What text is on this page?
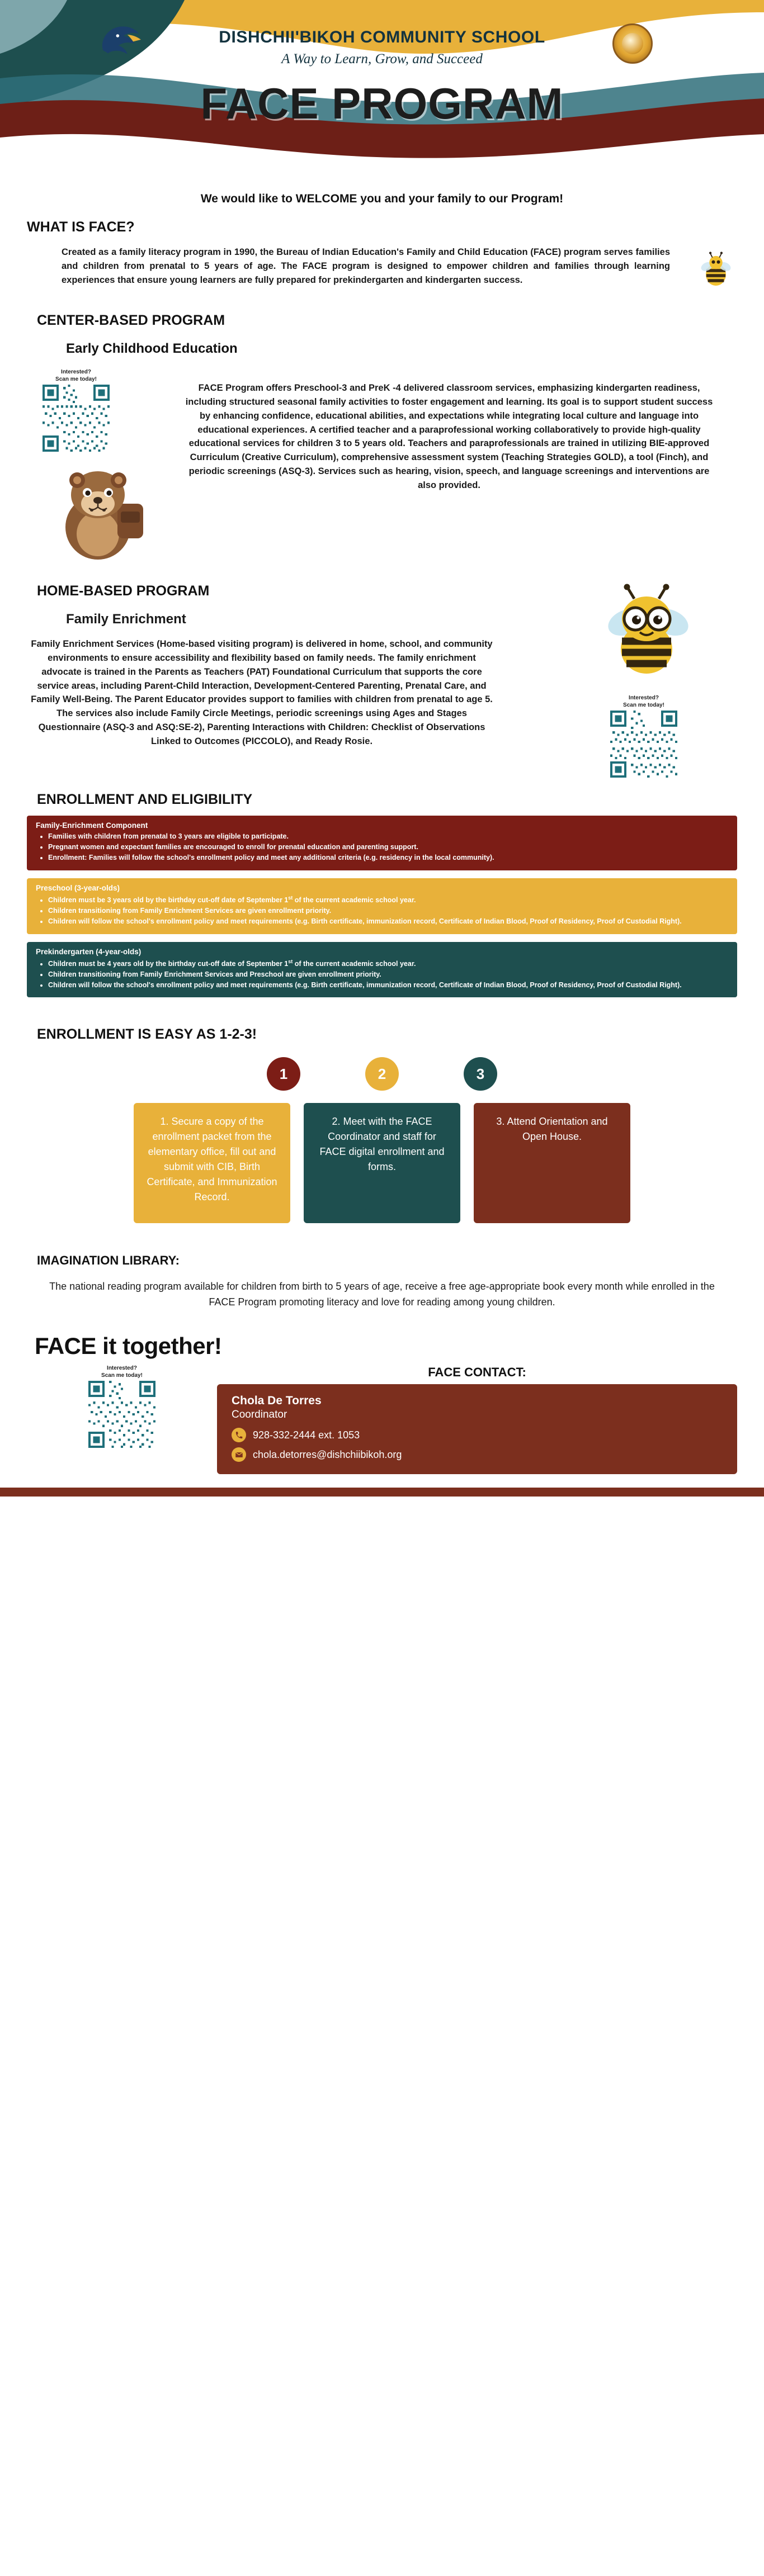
DISHCHII'BIKOH COMMUNITY SCHOOL
A Way to Learn, Grow, and Succeed
FACE PROGRAM
We would like to WELCOME you and your family to our Program!
WHAT IS FACE?
Created as a family literacy program in 1990, the Bureau of Indian Education's Family and Child Education (FACE) program serves families and children from prenatal to 5 years of age. The FACE program is designed to empower children and families through learning experiences that ensure young learners are fully prepared for prekindergarten and kindergarten success.
CENTER-BASED PROGRAM
Early Childhood Education
Interested?
Scan me today!

FACE Program offers Preschool-3 and PreK -4 delivered classroom services, emphasizing kindergarten readiness, including structured seasonal family activities to foster engagement and learning. Its goal is to support student success by enhancing confidence, educational abilities, and expectations while integrating local culture and language into educational experiences. A certified teacher and a paraprofessional working collaboratively to provide high-quality educational services for children 3 to 5 years old. Teachers and paraprofessionals are trained in utilizing BIE-approved Curriculum (Creative Curriculum), comprehensive assessment system (Teaching Strategies GOLD), a tool (Finch), and periodic screenings (ASQ-3). Services such as hearing, vision, speech, and language screenings and interventions are also provided.
HOME-BASED PROGRAM
Family Enrichment
Family Enrichment Services (Home-based visiting program) is delivered in home, school, and community environments to ensure accessibility and flexibility based on family needs. The family enrichment advocate is trained in the Parents as Teachers (PAT) Foundational Curriculum that supports the core service areas, including Parent-Child Interaction, Development-Centered Parenting, Prenatal Care, and Family Well-Being. The Parent Educator provides support to families with children from prenatal to age 5. The services also include Family Circle Meetings, periodic screenings using Ages and Stages Questionnaire (ASQ-3 and ASQ:SE-2), Parenting Interactions with Children: Checklist of Observations Linked to Outcomes (PICCOLO), and Ready Rosie.
Interested?
Scan me today!
ENROLLMENT AND ELIGIBILITY
Family-Enrichment Component
• Families with children from prenatal to 3 years are eligible to participate.
• Pregnant women and expectant families are encouraged to enroll for prenatal education and parenting support.
• Enrollment: Families will follow the school's enrollment policy and meet any additional criteria (e.g. residency in the local community).
Preschool (3-year-olds)
• Children must be 3 years old by the birthday cut-off date of September 1st of the current academic school year.
• Children transitioning from Family Enrichment Services are given enrollment priority.
• Children will follow the school's enrollment policy and meet requirements (e.g. Birth certificate, immunization record, Certificate of Indian Blood, Proof of Residency, Proof of Custodial Right).
Prekindergarten (4-year-olds)
• Children must be 4 years old by the birthday cut-off date of September 1st of the current academic school year.
• Children transitioning from Family Enrichment Services and Preschool are given enrollment priority.
• Children will follow the school's enrollment policy and meet requirements (e.g. Birth certificate, immunization record, Certificate of Indian Blood, Proof of Residency, Proof of Custodial Right).
ENROLLMENT IS EASY AS 1-2-3!
1	2	3
1. Secure a copy of the enrollment packet from the elementary office, fill out and submit with CIB, Birth Certificate, and Immunization Record.
2. Meet with the FACE Coordinator and staff for FACE digital enrollment and forms.
3. Attend Orientation and Open House.
IMAGINATION LIBRARY:

The national reading program available for children from birth to 5 years of age, receive a free age-appropriate book every month while enrolled in the FACE Program promoting literacy and love for reading among young children.

FACE it together!
Interested?
Scan me today!	FACE CONTACT:
Chola De Torres
Coordinator
928-332-2444 ext. 1053
chola.detorres@dishchiibikoh.org
